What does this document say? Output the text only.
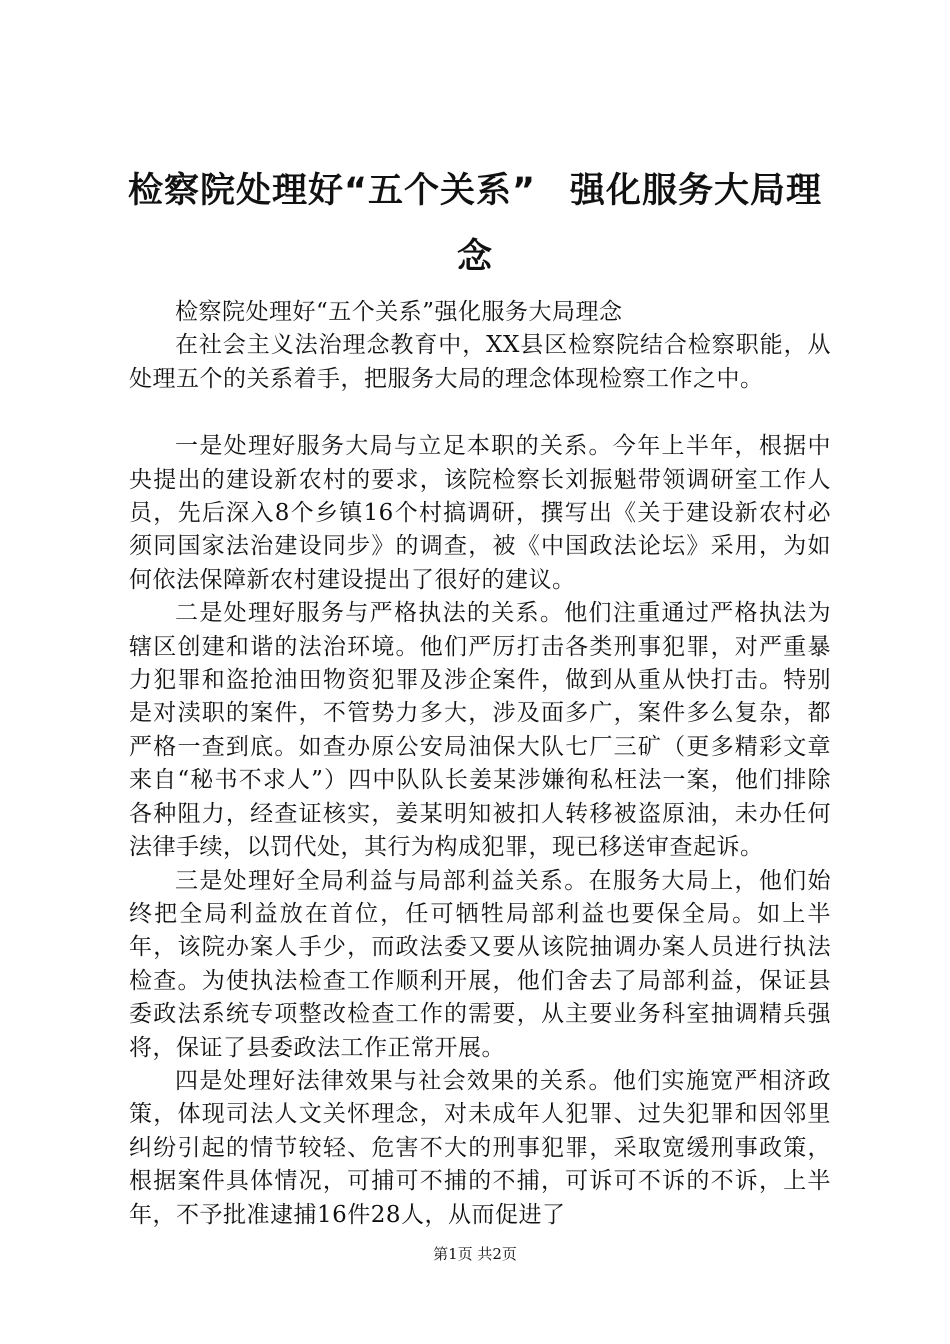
检察院处理好“五个关系” 强化服务大局理念

检察院处理好“五个关系”强化服务大局理念

在社会主义法治理念教育中，XX县区检察院结合检察职能，从处理五个的关系着手，把服务大局的理念体现检察工作之中。

一是处理好服务大局与立足本职的关系。今年上半年，根据中央提出的建设新农村的要求，该院检察长刘振魁带领调研室工作人员，先后深入8个乡镇16个村搞调研，撰写出《关于建设新农村必须同国家法治建设同步》的调查，被《中国政法论坛》采用，为如何依法保障新农村建设提出了很好的建议。

二是处理好服务与严格执法的关系。他们注重通过严格执法为辖区创建和谐的法治环境。他们严厉打击各类刑事犯罪，对严重暴力犯罪和盗抢油田物资犯罪及涉企案件，做到从重从快打击。特别是对渎职的案件，不管势力多大，涉及面多广，案件多么复杂，都严格一查到底。如查办原公安局油保大队七厂三矿（更多精彩文章来自“秘书不求人”）四中队队长姜某涉嫌徇私枉法一案，他们排除各种阻力，经查证核实，姜某明知被扣人转移被盗原油，未办任何法律手续，以罚代处，其行为构成犯罪，现已移送审查起诉。

三是处理好全局利益与局部利益关系。在服务大局上，他们始终把全局利益放在首位，任可牺牲局部利益也要保全局。如上半年，该院办案人手少，而政法委又要从该院抽调办案人员进行执法检查。为使执法检查工作顺利开展，他们舍去了局部利益，保证县委政法系统专项整改检查工作的需要，从主要业务科室抽调精兵强将，保证了县委政法工作正常开展。

四是处理好法律效果与社会效果的关系。他们实施宽严相济政策，体现司法人文关怀理念，对未成年人犯罪、过失犯罪和因邻里纠纷引起的情节较轻、危害不大的刑事犯罪，采取宽缓刑事政策，根据案件具体情况，可捕可不捕的不捕，可诉可不诉的不诉，上半年，不予批准逮捕16件28人，从而促进了

第1页 共2页
